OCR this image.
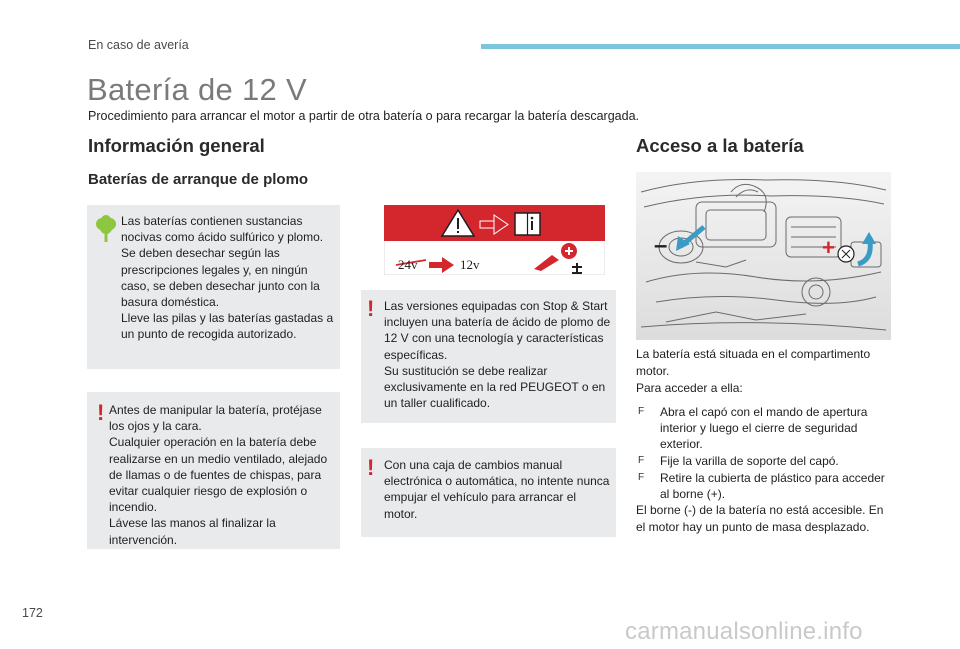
En caso de avería
Batería de 12 V
Procedimiento para arrancar el motor a partir de otra batería o para recargar la batería descargada.
Información general
Baterías de arranque de plomo
Las baterías contienen sustancias nocivas como ácido sulfúrico y plomo.
Se deben desechar según las prescripciones legales y, en ningún caso, se deben desechar junto con la basura doméstica.
Lleve las pilas y las baterías gastadas a un punto de recogida autorizado.
! Antes de manipular la batería, protéjase los ojos y la cara.
Cualquier operación en la batería debe realizarse en un medio ventilado, alejado de llamas o de fuentes de chispas, para evitar cualquier riesgo de explosión o incendio.
Lávese las manos al finalizar la intervención.
24v	12v
! Las versiones equipadas con Stop & Start incluyen una batería de ácido de plomo de 12 V con una tecnología y características específicas.
Su sustitución se debe realizar exclusivamente en la red PEUGEOT o en un taller cualificado.
! Con una caja de cambios manual electrónica o automática, no intente nunca empujar el vehículo para arrancar el motor.
Acceso a la batería
–	+
La batería está situada en el compartimento motor.
Para acceder a ella:
F Abra el capó con el mando de apertura interior y luego el cierre de seguridad exterior.
F Fije la varilla de soporte del capó.
F Retire la cubierta de plástico para acceder al borne (+).
El borne (-) de la batería no está accesible. En el motor hay un punto de masa desplazado.
172
carmanualsonline.info
